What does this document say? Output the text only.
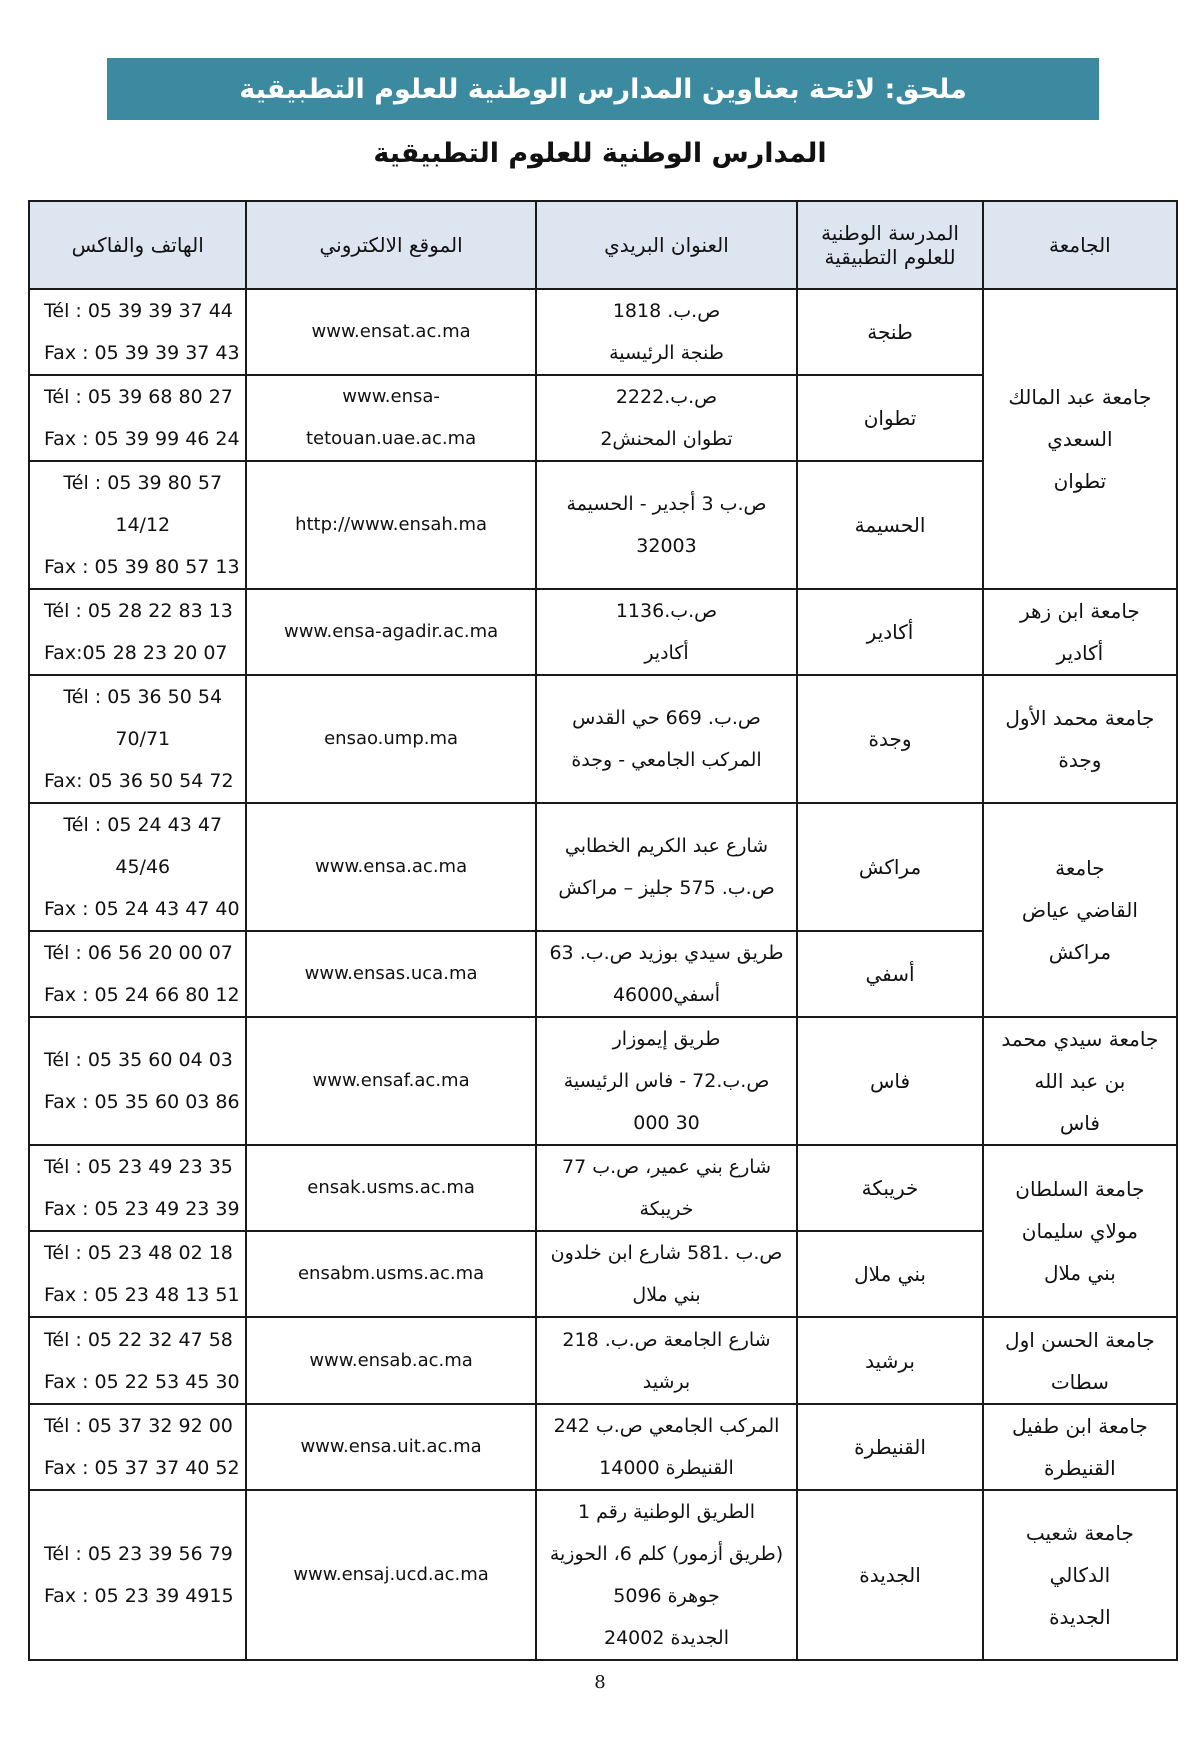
ملحق: لائحة بعناوين المدارس الوطنية للعلوم التطبيقية
المدارس الوطنية للعلوم التطبيقية
الجامعة	المدرسة الوطنية للعلوم التطبيقية	العنوان البريدي	الموقع الالكتروني	الهاتف والفاكس

جامعة عبد المالك
السعدي
تطوان	طنجة	ص.ب. 1818
طنجة الرئيسية	www.ensat.ac.ma	Tél : 05 39 39 37 44
Fax : 05 39 39 37 43

	تطوان	ص.ب.2222
تطوان المحنش2	www.ensa-
tetouan.uae.ac.ma	Tél : 05 39 68 80 27
Fax : 05 39 99 46 24

	الحسيمة	ص.ب 3 أجدير - الحسيمة
32003	http://www.ensah.ma	Tél : 05 39 80 57 14/12
Fax : 05 39 80 57 13

جامعة ابن زهر
أكادير	أكادير	ص.ب.1136
أكادير	www.ensa-agadir.ac.ma	Tél : 05 28 22 83 13
Fax:05 28 23 20 07

جامعة محمد الأول
وجدة	وجدة	ص.ب. 669 حي القدس
المركب الجامعي - وجدة	ensao.ump.ma	Tél : 05 36 50 54 70/71
Fax: 05 36 50 54 72

جامعة
القاضي عياض
مراكش	مراكش	شارع عبد الكريم الخطابي
ص.ب. 575 جليز – مراكش	www.ensa.ac.ma	Tél : 05 24 43 47 45/46
Fax : 05 24 43 47 40

	أسفي	طريق سيدي بوزيد ص.ب. 63
أسفي46000	www.ensas.uca.ma	Tél : 06 56 20 00 07
Fax : 05 24 66 80 12

جامعة سيدي محمد
بن عبد الله
فاس	فاس	طريق إيموزار
ص.ب.72 - فاس الرئيسية
30 000	www.ensaf.ac.ma	Tél : 05 35 60 04 03
Fax : 05 35 60 03 86

جامعة السلطان
مولاي سليمان
بني ملال	خريبكة	شارع بني عمير، ص.ب 77
خريبكة	ensak.usms.ac.ma	Tél : 05 23 49 23 35
Fax : 05 23 49 23 39

	بني ملال	ص.ب .581 شارع ابن خلدون
بني ملال	ensabm.usms.ac.ma	Tél : 05 23 48 02 18
Fax : 05 23 48 13 51

جامعة الحسن اول
سطات	برشيد	شارع الجامعة ص.ب. 218
برشيد	www.ensab.ac.ma	Tél : 05 22 32 47 58
Fax : 05 22 53 45 30

جامعة ابن طفيل
القنيطرة	القنيطرة	المركب الجامعي ص.ب 242
القنيطرة 14000	www.ensa.uit.ac.ma	Tél : 05 37 32 92 00
Fax : 05 37 37 40 52

جامعة شعيب
الدكالي
الجديدة	الجديدة	الطريق الوطنية رقم 1
(طريق أزمور) كلم 6، الحوزية
جوهرة 5096
الجديدة 24002	www.ensaj.ucd.ac.ma	Tél : 05 23 39 56 79
Fax : 05 23 39 4915
8
